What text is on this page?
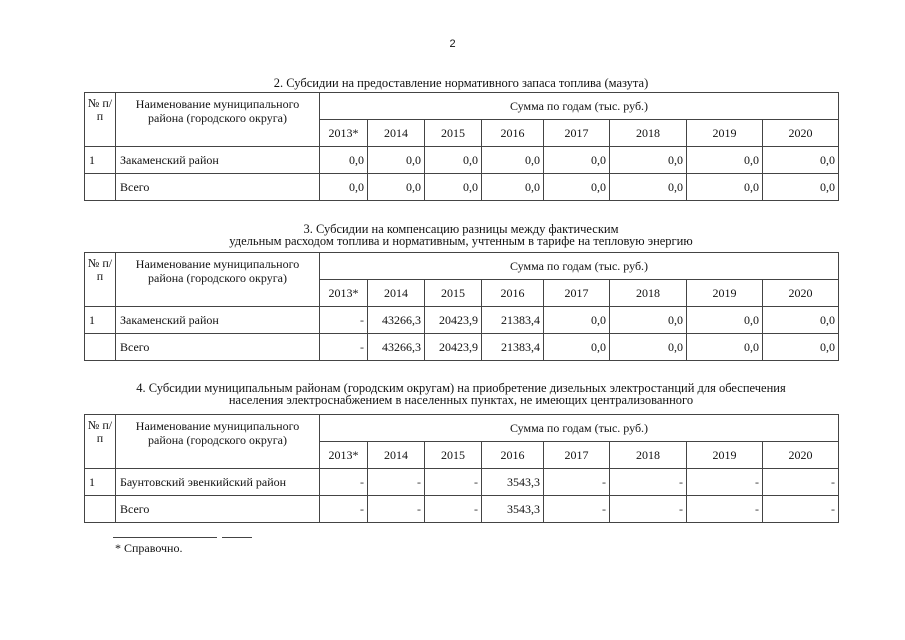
2
2. Субсидии на предоставление нормативного запаса топлива (мазута)
№ п/п	Наименование муниципального района (городского округа)	Сумма по годам (тыс. руб.)							
		2013*	2014	2015	2016	2017	2018	2019	2020
1	Закаменский район	0,0	0,0	0,0	0,0	0,0	0,0	0,0	0,0
	Всего	0,0	0,0	0,0	0,0	0,0	0,0	0,0	0,0
3. Субсидии на компенсацию разницы между фактическим
удельным расходом топлива и нормативным, учтенным в тарифе на тепловую энергию
№ п/п	Наименование муниципального района (городского округа)	Сумма по годам (тыс. руб.)							
		2013*	2014	2015	2016	2017	2018	2019	2020
1	Закаменский район	-	43266,3	20423,9	21383,4	0,0	0,0	0,0	0,0
	Всего	-	43266,3	20423,9	21383,4	0,0	0,0	0,0	0,0
4. Субсидии муниципальным районам (городским округам) на приобретение дизельных электростанций для обеспечения
населения электроснабжением в населенных пунктах, не имеющих централизованного
№ п/п	Наименование муниципального района (городского округа)	Сумма по годам (тыс. руб.)							
		2013*	2014	2015	2016	2017	2018	2019	2020
1	Баунтовский эвенкийский район	-	-	-	3543,3	-	-	-	-
	Всего	-	-	-	3543,3	-	-	-	-
* Справочно.
